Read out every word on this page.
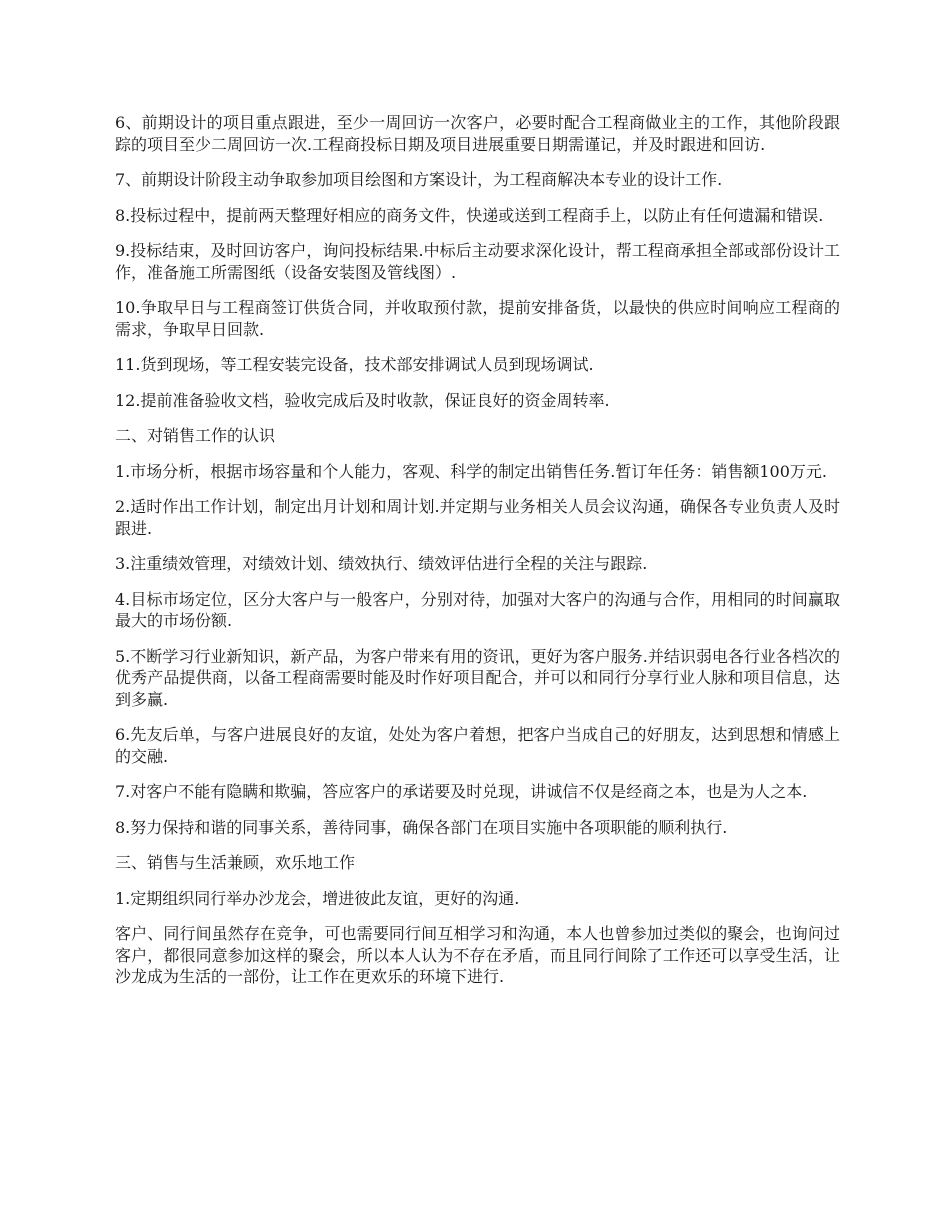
6、前期设计的项目重点跟进，至少一周回访一次客户，必要时配合工程商做业主的工作，其他阶段跟踪的项目至少二周回访一次.工程商投标日期及项目进展重要日期需谨记，并及时跟进和回访.

7、前期设计阶段主动争取参加项目绘图和方案设计，为工程商解决本专业的设计工作.

8.投标过程中，提前两天整理好相应的商务文件，快递或送到工程商手上，以防止有任何遗漏和错误.

9.投标结束，及时回访客户，询问投标结果.中标后主动要求深化设计，帮工程商承担全部或部份设计工作，准备施工所需图纸（设备安装图及管线图）.

10.争取早日与工程商签订供货合同，并收取预付款，提前安排备货，以最快的供应时间响应工程商的需求，争取早日回款.

11.货到现场，等工程安装完设备，技术部安排调试人员到现场调试.

12.提前准备验收文档，验收完成后及时收款，保证良好的资金周转率.

二、对销售工作的认识

1.市场分析，根据市场容量和个人能力，客观、科学的制定出销售任务.暂订年任务：销售额100万元.

2.适时作出工作计划，制定出月计划和周计划.并定期与业务相关人员会议沟通，确保各专业负责人及时跟进.

3.注重绩效管理，对绩效计划、绩效执行、绩效评估进行全程的关注与跟踪.

4.目标市场定位，区分大客户与一般客户，分别对待，加强对大客户的沟通与合作，用相同的时间赢取最大的市场份额.

5.不断学习行业新知识，新产品，为客户带来有用的资讯，更好为客户服务.并结识弱电各行业各档次的优秀产品提供商，以备工程商需要时能及时作好项目配合，并可以和同行分享行业人脉和项目信息，达到多赢.

6.先友后单，与客户进展良好的友谊，处处为客户着想，把客户当成自己的好朋友，达到思想和情感上的交融.

7.对客户不能有隐瞒和欺骗，答应客户的承诺要及时兑现，讲诚信不仅是经商之本，也是为人之本.

8.努力保持和谐的同事关系，善待同事，确保各部门在项目实施中各项职能的顺利执行.

三、销售与生活兼顾，欢乐地工作

1.定期组织同行举办沙龙会，增进彼此友谊，更好的沟通.

客户、同行间虽然存在竞争，可也需要同行间互相学习和沟通，本人也曾参加过类似的聚会，也询问过客户，都很同意参加这样的聚会，所以本人认为不存在矛盾，而且同行间除了工作还可以享受生活，让沙龙成为生活的一部份，让工作在更欢乐的环境下进行.
